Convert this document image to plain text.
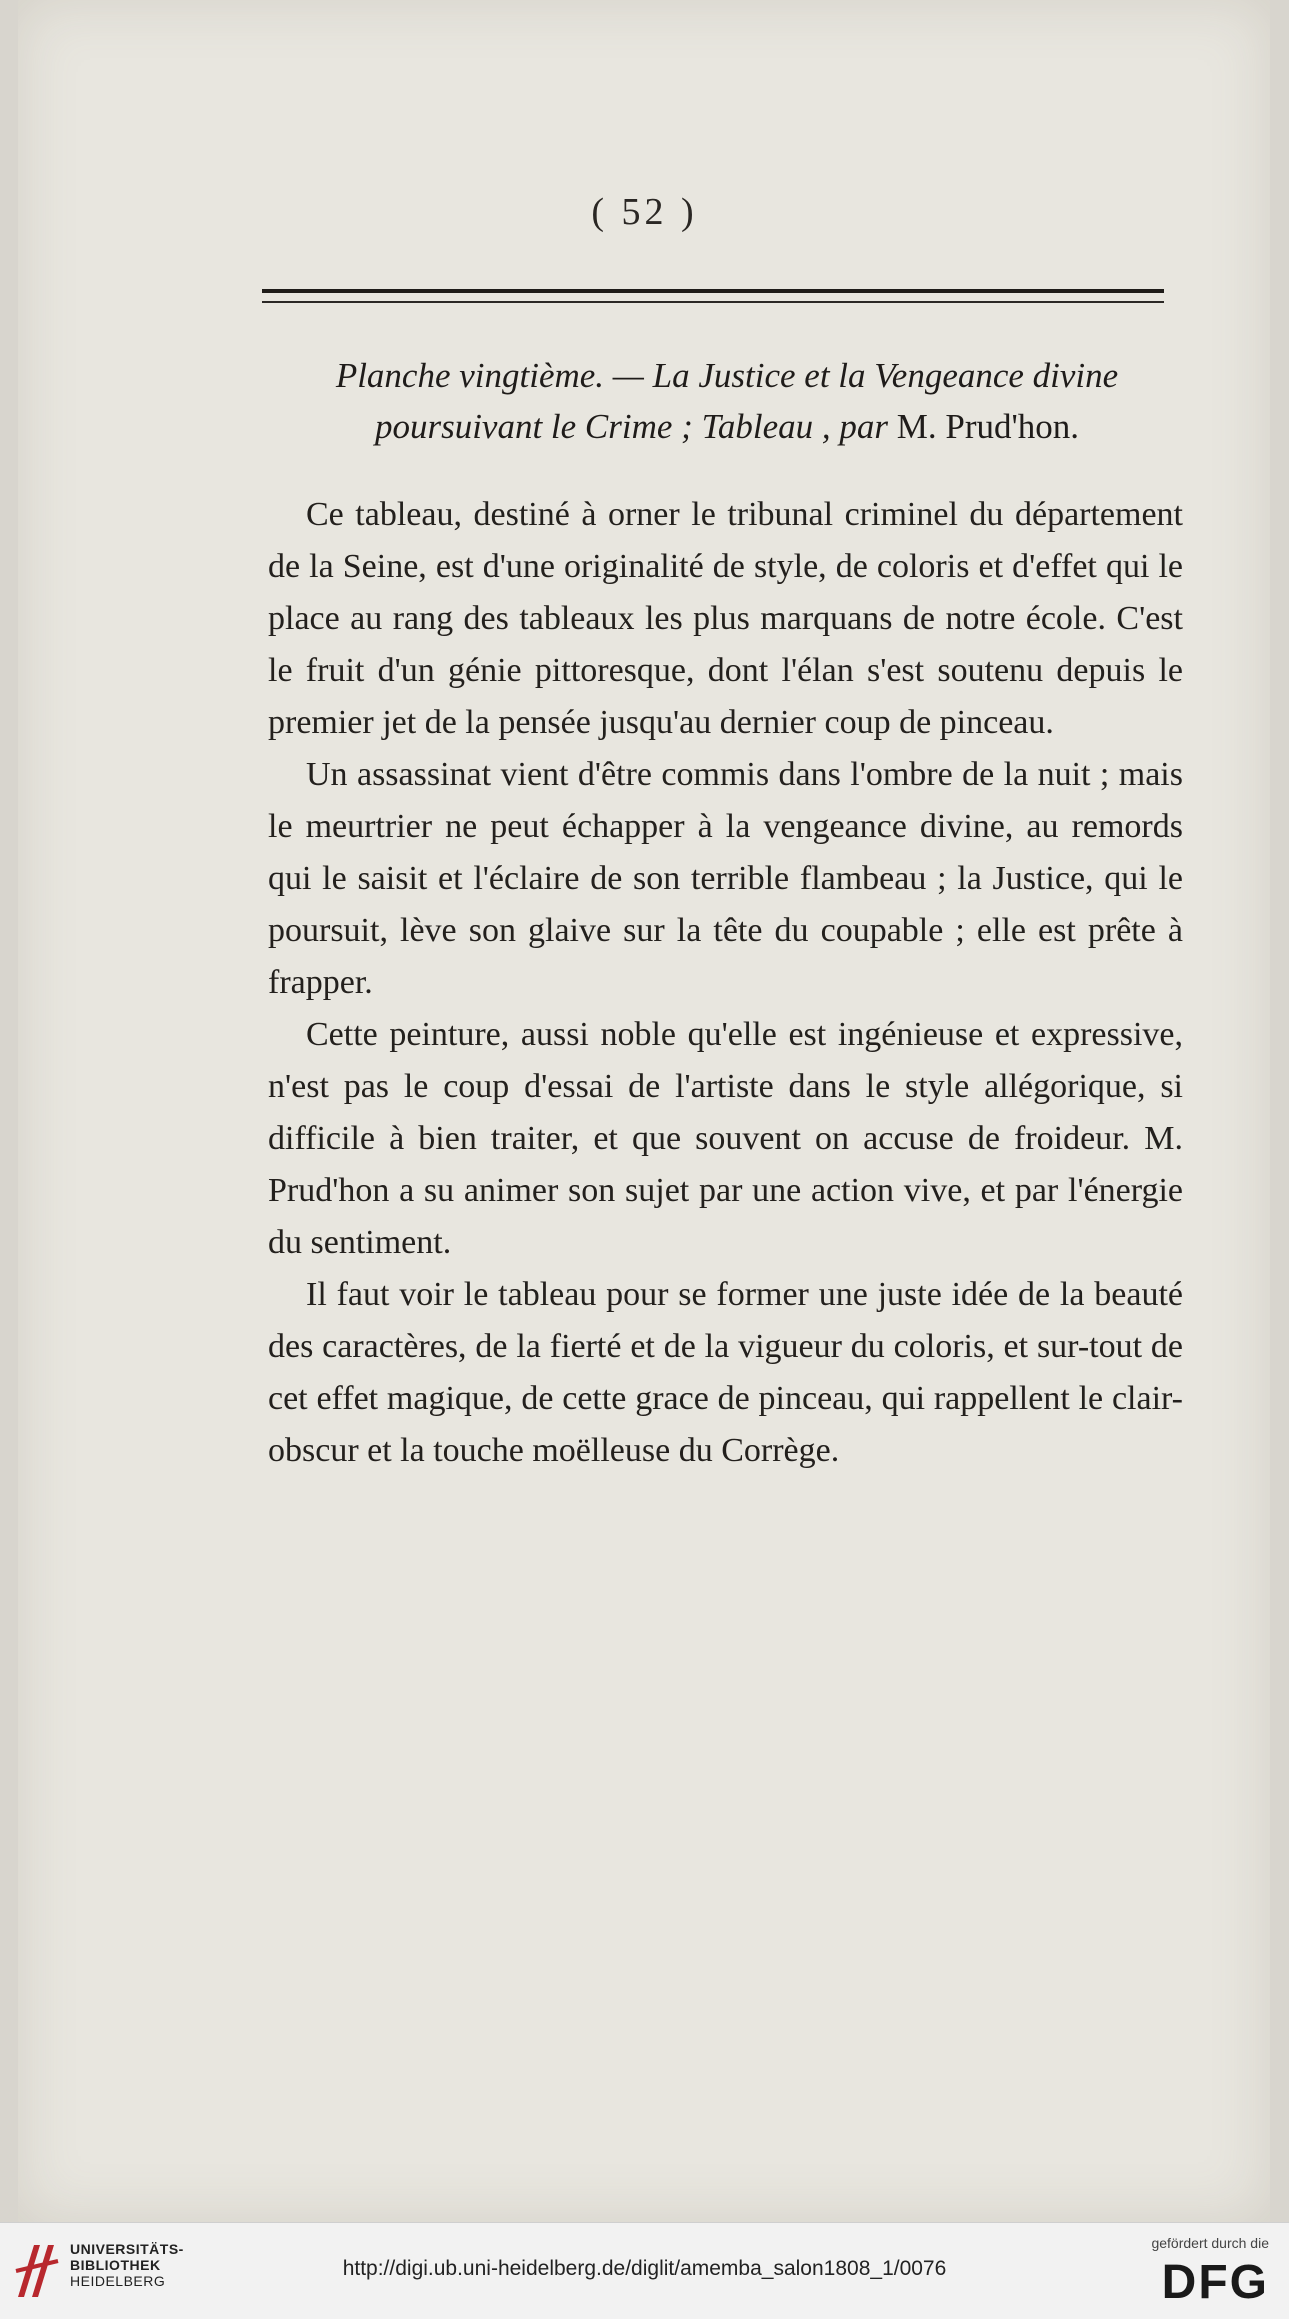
( 52 )
Planche vingtième. — La Justice et la Vengeance divine
poursuivant le Crime ; Tableau , par M. Prud'hon.

Ce tableau, destiné à orner le tribunal criminel du département de la Seine, est d'une originalité de style, de coloris et d'effet qui le place au rang des tableaux les plus marquans de notre école. C'est le fruit d'un génie pittoresque, dont l'élan s'est soutenu depuis le premier jet de la pensée jusqu'au dernier coup de pinceau.

Un assassinat vient d'être commis dans l'ombre de la nuit ; mais le meurtrier ne peut échapper à la vengeance divine, au remords qui le saisit et l'éclaire de son terrible flambeau ; la Justice, qui le poursuit, lève son glaive sur la tête du coupable ; elle est prête à frapper.

Cette peinture, aussi noble qu'elle est ingénieuse et expressive, n'est pas le coup d'essai de l'artiste dans le style allégorique, si difficile à bien traiter, et que souvent on accuse de froideur. M. Prud'hon a su animer son sujet par une action vive, et par l'énergie du sentiment.

Il faut voir le tableau pour se former une juste idée de la beauté des caractères, de la fierté et de la vigueur du coloris, et sur-tout de cet effet magique, de cette grace de pinceau, qui rappellent le clair-obscur et la touche moëlleuse du Corrège.

UNIVERSITÄTS-
BIBLIOTHEK
HEIDELBERG
http://digi.ub.uni-heidelberg.de/diglit/amemba_salon1808_1/0076
gefördert durch die
DFG
